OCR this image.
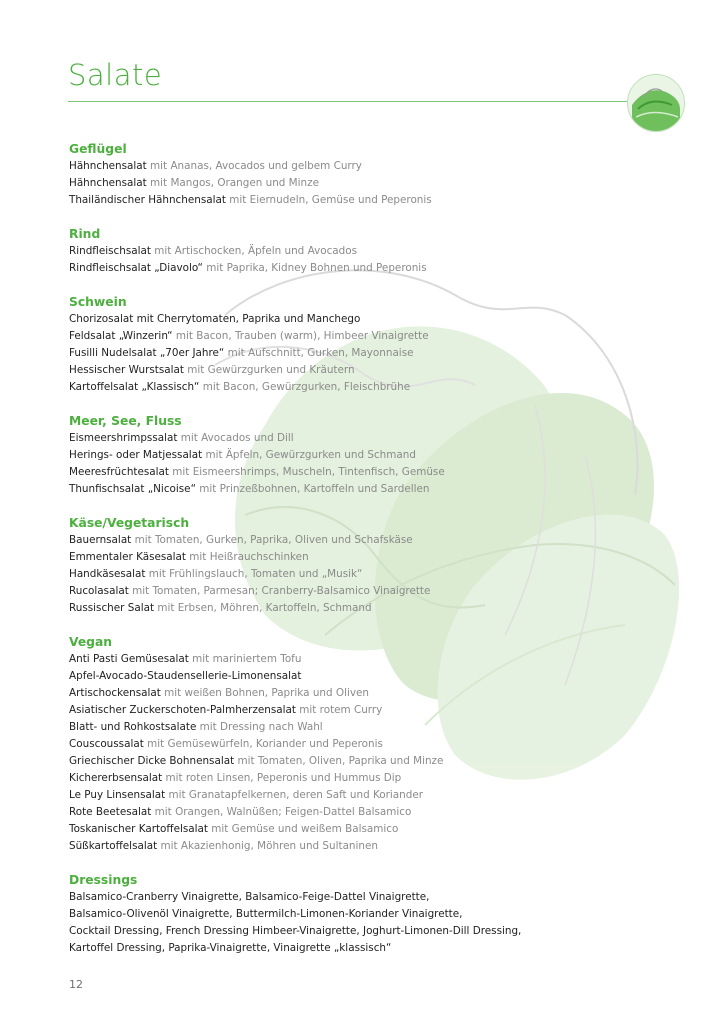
Salate
Geflügel
Hähnchensalat mit Ananas, Avocados und gelbem Curry
Hähnchensalat mit Mangos, Orangen und Minze
Thailändischer Hähnchensalat mit Eiernudeln, Gemüse und Peperonis
Rind
Rindfleischsalat mit Artischocken, Äpfeln und Avocados
Rindfleischsalat „Diavolo“ mit Paprika, Kidney Bohnen und Peperonis
Schwein
Chorizosalat mit Cherrytomaten, Paprika und Manchego
Feldsalat „Winzerin“ mit Bacon, Trauben (warm), Himbeer Vinaigrette
Fusilli Nudelsalat „70er Jahre“ mit Aufschnitt, Gurken, Mayonnaise
Hessischer Wurstsalat mit Gewürzgurken und Kräutern
Kartoffelsalat „Klassisch“ mit Bacon, Gewürzgurken, Fleischbrühe
Meer, See, Fluss
Eismeershrimpssalat mit Avocados und Dill
Herings- oder Matjessalat mit Äpfeln, Gewürzgurken und Schmand
Meeresfrüchtesalat mit Eismeershrimps, Muscheln, Tintenfisch, Gemüse
Thunfischsalat „Nicoise“ mit Prinzeßbohnen, Kartoffeln und Sardellen
Käse/Vegetarisch
Bauernsalat mit Tomaten, Gurken, Paprika, Oliven und Schafskäse
Emmentaler Käsesalat mit Heißrauchschinken
Handkäsesalat mit Frühlingslauch, Tomaten und „Musik“
Rucolasalat mit Tomaten, Parmesan; Cranberry-Balsamico Vinaigrette
Russischer Salat mit Erbsen, Möhren, Kartoffeln, Schmand
Vegan
Anti Pasti Gemüsesalat mit mariniertem Tofu
Apfel-Avocado-Staudensellerie-Limonensalat
Artischockensalat mit weißen Bohnen, Paprika und Oliven
Asiatischer Zuckerschoten-Palmherzensalat mit rotem Curry
Blatt- und Rohkostsalate mit Dressing nach Wahl
Couscoussalat mit Gemüsewürfeln, Koriander und Peperonis
Griechischer Dicke Bohnensalat mit Tomaten, Oliven, Paprika und Minze
Kichererbsensalat mit roten Linsen, Peperonis und Hummus Dip
Le Puy Linsensalat mit Granatapfelkernen, deren Saft und Koriander
Rote Beetesalat mit Orangen, Walnüßen; Feigen-Dattel Balsamico
Toskanischer Kartoffelsalat mit Gemüse und weißem Balsamico
Süßkartoffelsalat mit Akazienhonig, Möhren und Sultaninen
Dressings
Balsamico-Cranberry Vinaigrette, Balsamico-Feige-Dattel Vinaigrette,
Balsamico-Olivenöl Vinaigrette, Buttermilch-Limonen-Koriander Vinaigrette,
Cocktail Dressing, French Dressing Himbeer-Vinaigrette, Joghurt-Limonen-Dill Dressing,
Kartoffel Dressing, Paprika-Vinaigrette, Vinaigrette „klassisch“
12
